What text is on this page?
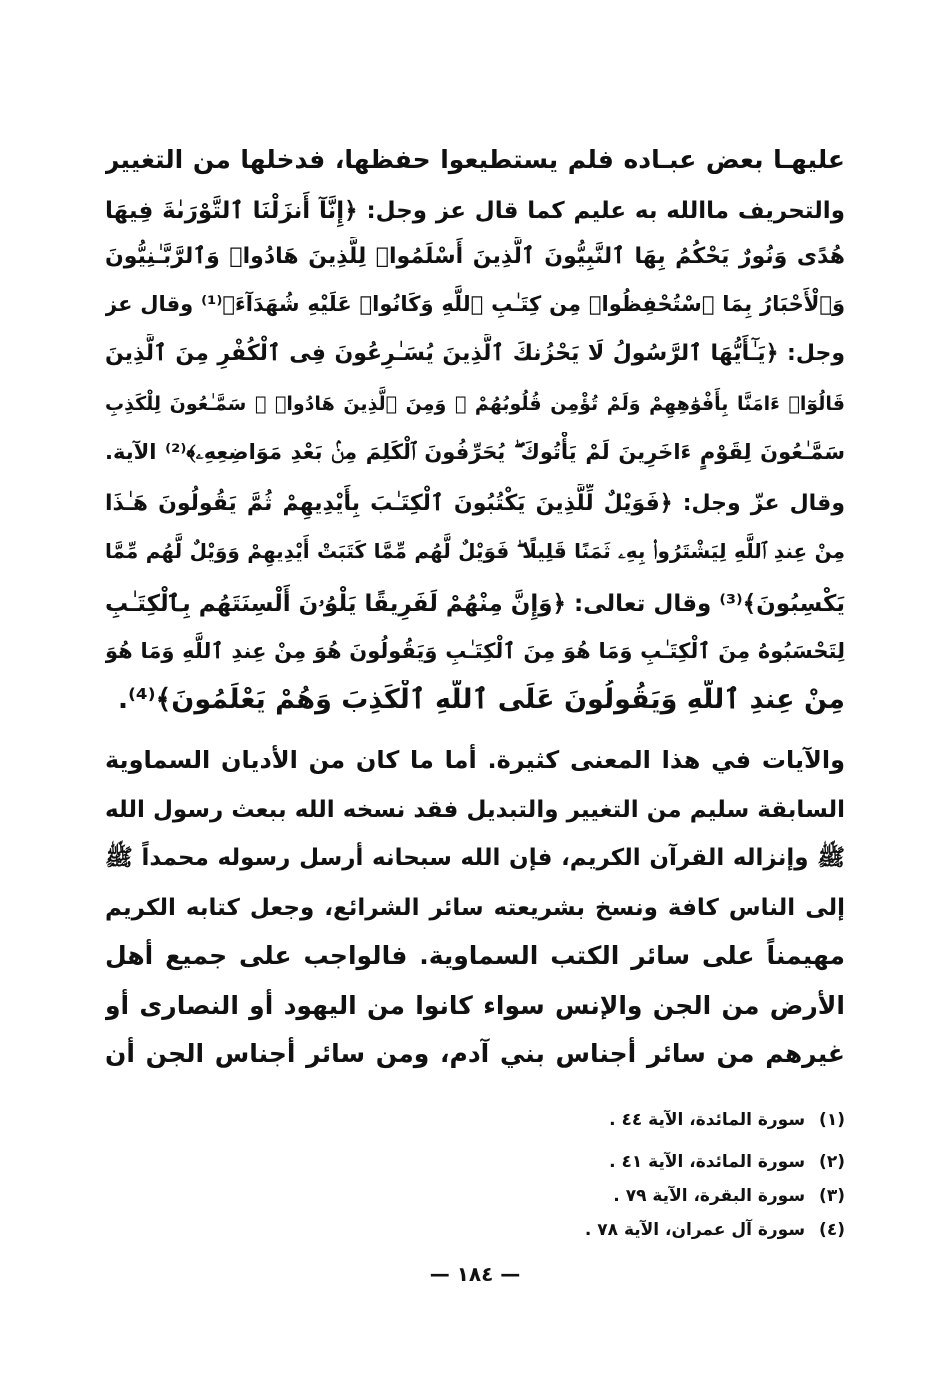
عليهـا بعض عبـاده فلم يستطيعوا حفظها، فدخلها من التغيير
والتحريف ماالله به عليم كما قال عز وجل: ﴿إِنَّآ أَنزَلْنَا ٱلتَّوْرَىٰةَ فِيهَا
هُدًى وَنُورٌ يَحْكُمُ بِهَا ٱلنَّبِيُّونَ ٱلَّذِينَ أَسْلَمُوا۟ لِلَّذِينَ هَادُوا۟ وَٱلرَّبَّـٰنِيُّونَ
وَٱلْأَحْبَارُ بِمَا ٱسْتُحْفِظُوا۟ مِن كِتَـٰبِ ٱللَّهِ وَكَانُوا۟ عَلَيْهِ شُهَدَآءَ﴾⁽¹⁾ وقال عز
وجل: ﴿يَـٰٓأَيُّهَا ٱلرَّسُولُ لَا يَحْزُنكَ ٱلَّذِينَ يُسَـٰرِعُونَ فِى ٱلْكُفْرِ مِنَ ٱلَّذِينَ
قَالُوٓا۟ ءَامَنَّا بِأَفْوَٰهِهِمْ وَلَمْ تُؤْمِن قُلُوبُهُمْ ۛ وَمِنَ ٱلَّذِينَ هَادُوا۟ ۛ سَمَّـٰعُونَ لِلْكَذِبِ
سَمَّـٰعُونَ لِقَوْمٍ ءَاخَرِينَ لَمْ يَأْتُوكَ ۖ يُحَرِّفُونَ ٱلْكَلِمَ مِنۢ بَعْدِ مَوَاضِعِهِۦ﴾⁽²⁾ الآية.
وقال عزّ وجل: ﴿فَوَيْلٌ لِّلَّذِينَ يَكْتُبُونَ ٱلْكِتَـٰبَ بِأَيْدِيهِمْ ثُمَّ يَقُولُونَ هَـٰذَا
مِنْ عِندِ ٱللَّهِ لِيَشْتَرُوا۟ بِهِۦ ثَمَنًا قَلِيلًا ۖ فَوَيْلٌ لَّهُم مِّمَّا كَتَبَتْ أَيْدِيهِمْ وَوَيْلٌ لَّهُم مِّمَّا
يَكْسِبُونَ﴾⁽³⁾ وقال تعالى: ﴿وَإِنَّ مِنْهُمْ لَفَرِيقًا يَلْوُۥنَ أَلْسِنَتَهُم بِٱلْكِتَـٰبِ
لِتَحْسَبُوهُ مِنَ ٱلْكِتَـٰبِ وَمَا هُوَ مِنَ ٱلْكِتَـٰبِ وَيَقُولُونَ هُوَ مِنْ عِندِ ٱللَّهِ وَمَا هُوَ
مِنْ عِندِ ٱللَّهِ وَيَقُولُونَ عَلَى ٱللَّهِ ٱلْكَذِبَ وَهُمْ يَعْلَمُونَ﴾⁽⁴⁾.
والآيات في هذا المعنى كثيرة. أما ما كان من الأديان السماوية
السابقة سليم من التغيير والتبديل فقد نسخه الله ببعث رسول الله
ﷺ وإنزاله القرآن الكريم، فإن الله سبحانه أرسل رسوله محمداً ﷺ
إلى الناس كافة ونسخ بشريعته سائر الشرائع، وجعل كتابه الكريم
مهيمناً على سائر الكتب السماوية. فالواجب على جميع أهل
الأرض من الجن والإنس سواء كانوا من اليهود أو النصارى أو
غيرهم من سائر أجناس بني آدم، ومن سائر أجناس الجن أن
(١)سورة المائدة، الآية ٤٤ .
(٢)سورة المائدة، الآية ٤١ .
(٣)سورة البقرة، الآية ٧٩ .
(٤)سورة آل عمران، الآية ٧٨ .
— ١٨٤ —
